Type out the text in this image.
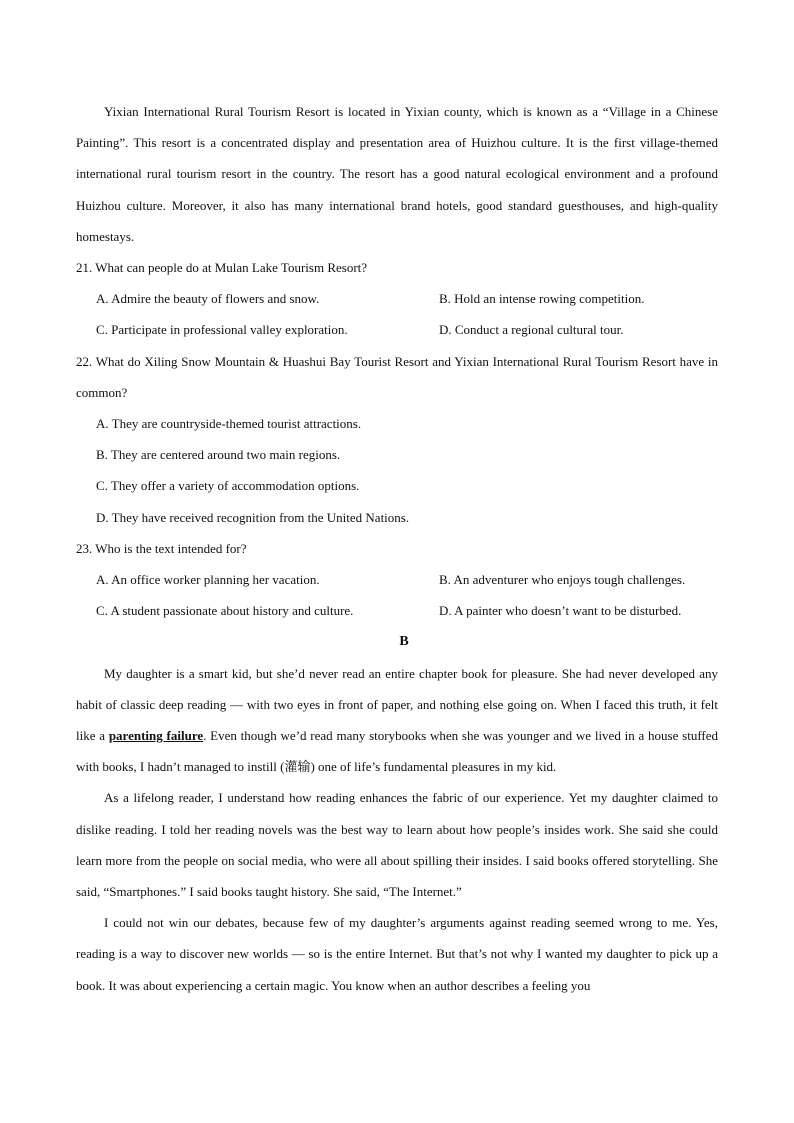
Yixian International Rural Tourism Resort is located in Yixian county, which is known as a “Village in a Chinese Painting”. This resort is a concentrated display and presentation area of Huizhou culture. It is the first village-themed international rural tourism resort in the country. The resort has a good natural ecological environment and a profound Huizhou culture. Moreover, it also has many international brand hotels, good standard guesthouses, and high-quality homestays.

21. What can people do at Mulan Lake Tourism Resort?

A. Admire the beauty of flowers and snow.	B. Hold an intense rowing competition.
C. Participate in professional valley exploration.	D. Conduct a regional cultural tour.

22. What do Xiling Snow Mountain & Huashui Bay Tourist Resort and Yixian International Rural Tourism Resort have in common?

A. They are countryside-themed tourist attractions.
B. They are centered around two main regions.
C. They offer a variety of accommodation options.
D. They have received recognition from the United Nations.

23. Who is the text intended for?

A. An office worker planning her vacation.	B. An adventurer who enjoys tough challenges.
C. A student passionate about history and culture.	D. A painter who doesn’t want to be disturbed.
B

My daughter is a smart kid, but she’d never read an entire chapter book for pleasure. She had never developed any habit of classic deep reading — with two eyes in front of paper, and nothing else going on. When I faced this truth, it felt like a parenting failure. Even though we’d read many storybooks when she was younger and we lived in a house stuffed with books, I hadn’t managed to instill (灌输) one of life’s fundamental pleasures in my kid.

As a lifelong reader, I understand how reading enhances the fabric of our experience. Yet my daughter claimed to dislike reading. I told her reading novels was the best way to learn about how people’s insides work. She said she could learn more from the people on social media, who were all about spilling their insides. I said books offered storytelling. She said, “Smartphones.” I said books taught history. She said, “The Internet.”

I could not win our debates, because few of my daughter’s arguments against reading seemed wrong to me. Yes, reading is a way to discover new worlds — so is the entire Internet. But that’s not why I wanted my daughter to pick up a book. It was about experiencing a certain magic. You know when an author describes a feeling you
